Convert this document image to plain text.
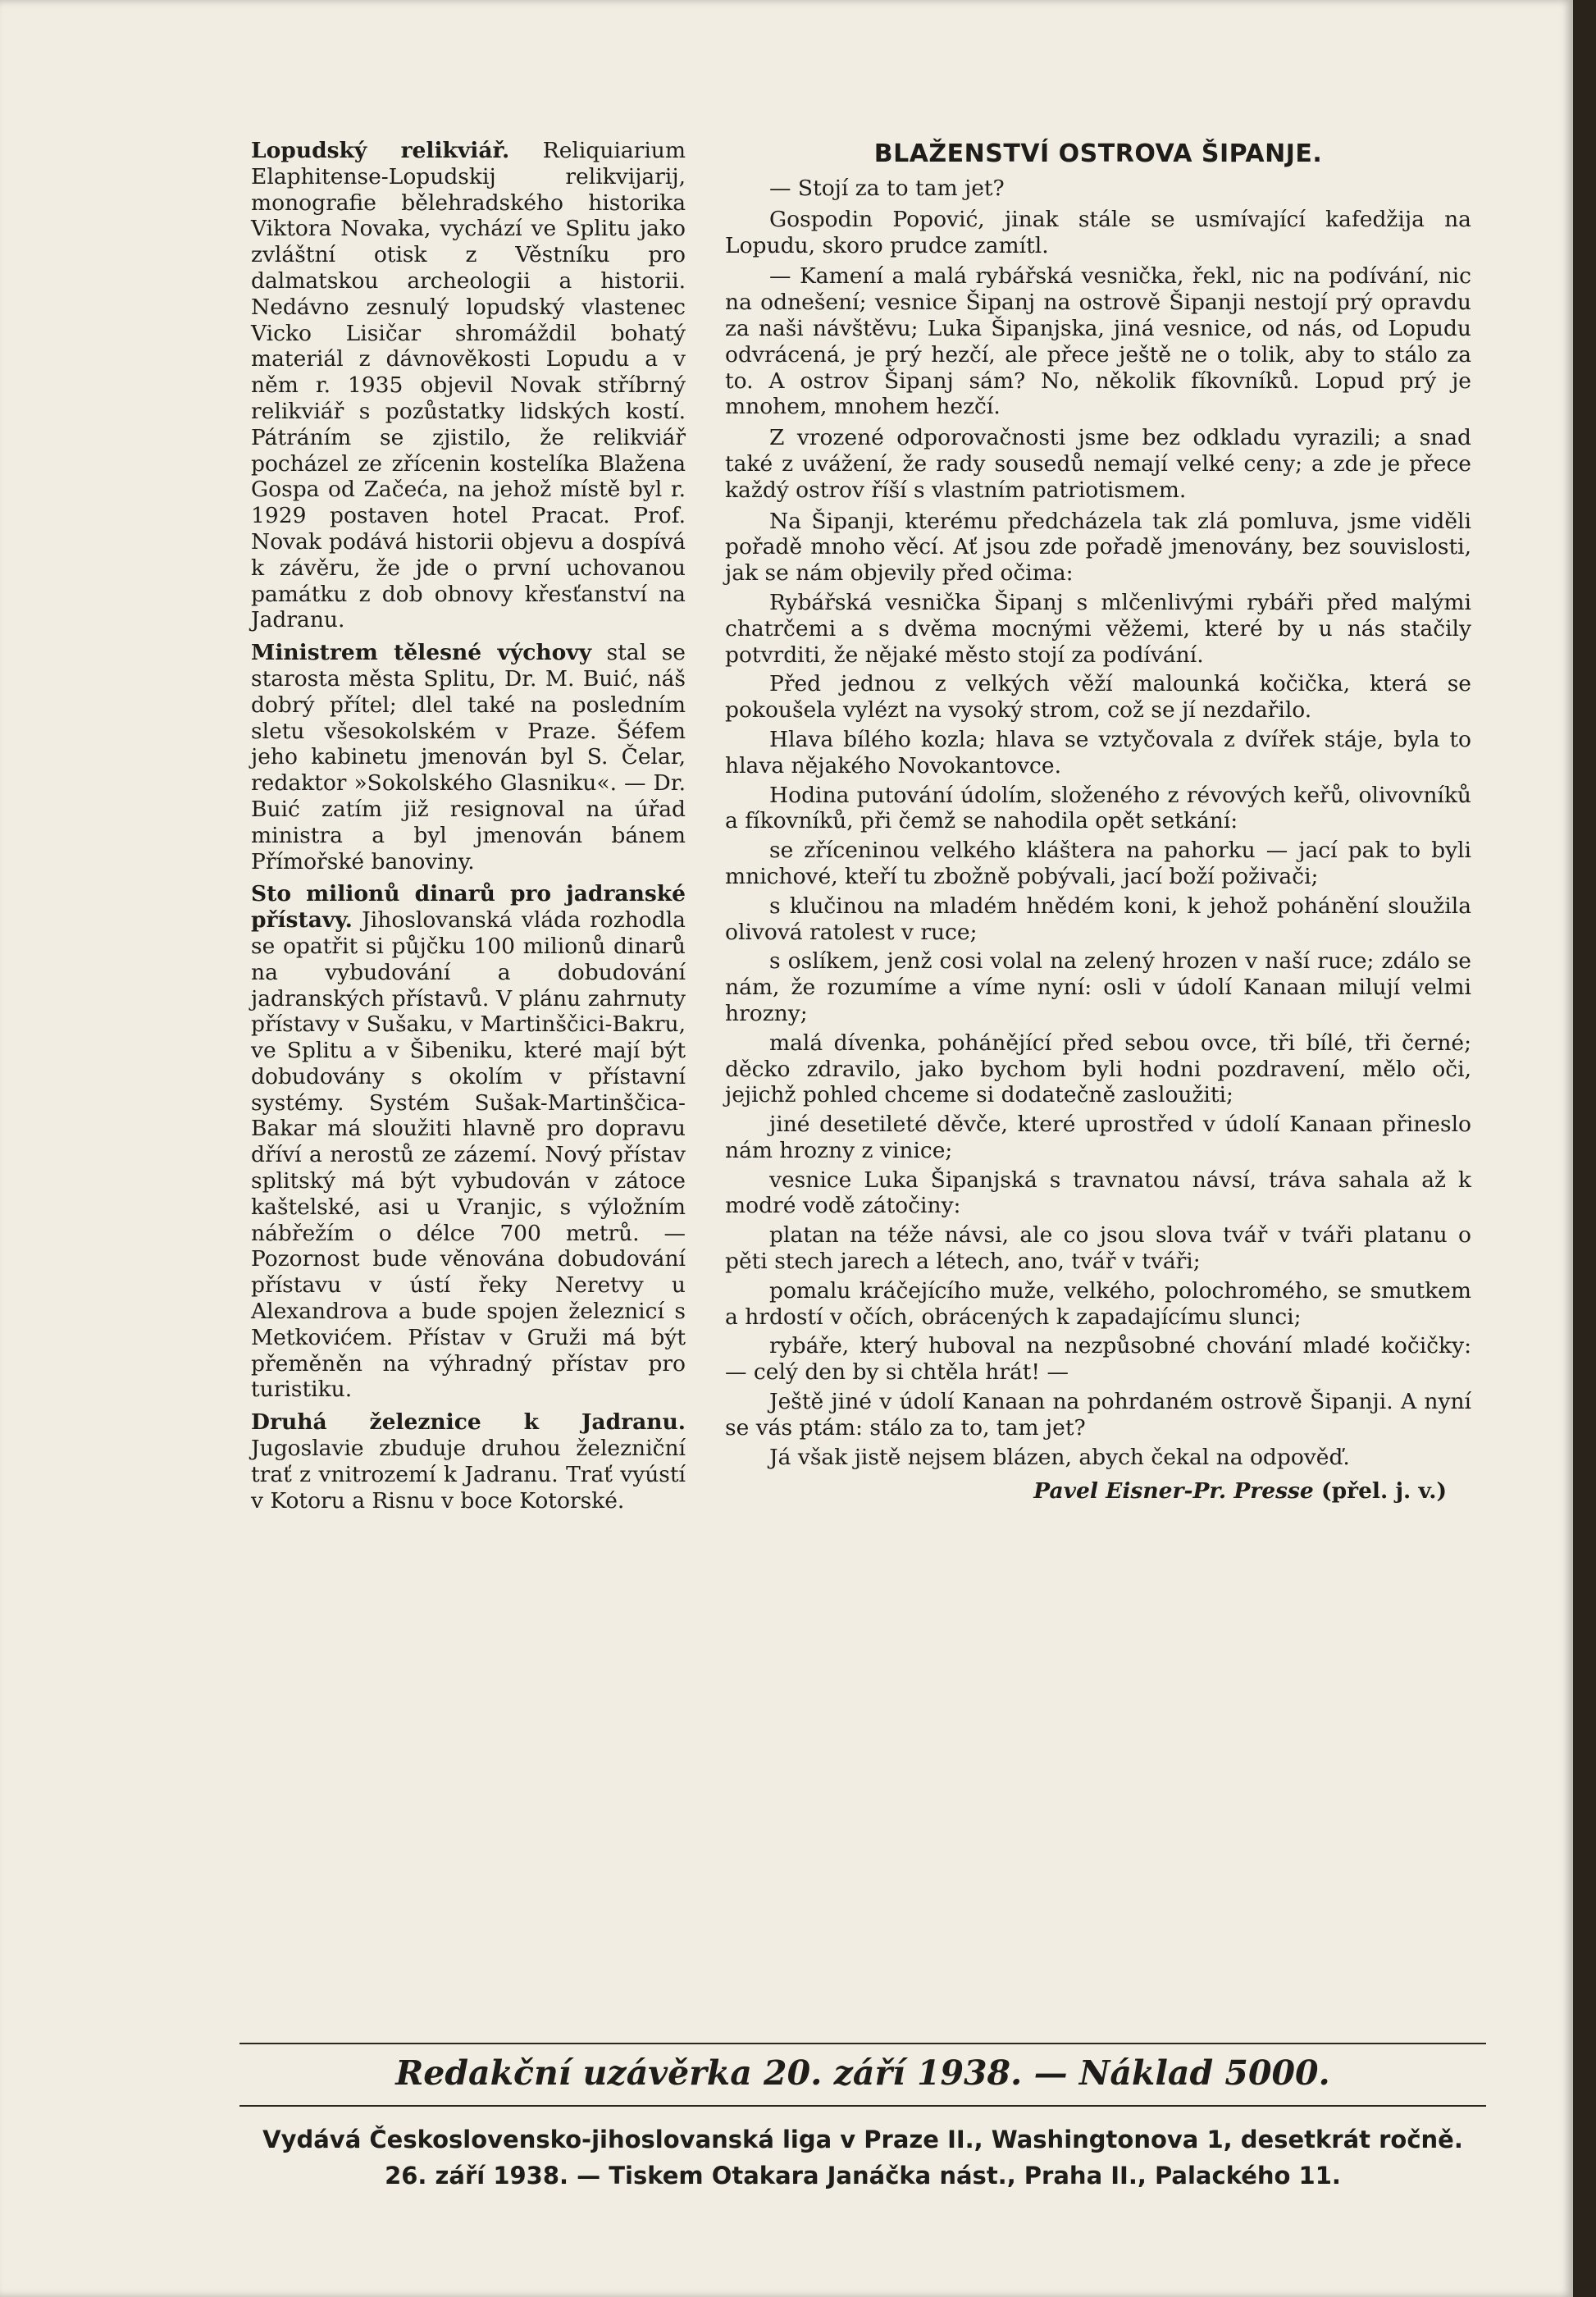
Lopudský relikviář. Reliquiarium Elaphitense-Lopudskij relikvijarij, monografie bělehradského historika Viktora Novaka, vychází ve Splitu jako zvláštní otisk z Věstníku pro dalmatskou archeologii a historii. Nedávno zesnulý lopudský vlastenec Vicko Lisičar shromáždil bohatý materiál z dávnověkosti Lopudu a v něm r. 1935 objevil Novak stříbrný relikviář s pozůstatky lidských kostí. Pátráním se zjistilo, že relikviář pocházel ze zřícenin kostelíka Blažena Gospa od Začeća, na jehož místě byl r. 1929 postaven hotel Pracat. Prof. Novak podává historii objevu a dospívá k závěru, že jde o první uchovanou památku z dob obnovy křesťanství na Jadranu.

Ministrem tělesné výchovy stal se starosta města Splitu, Dr. M. Buić, náš dobrý přítel; dlel také na posledním sletu všesokolském v Praze. Šéfem jeho kabinetu jmenován byl S. Čelar, redaktor »Sokolského Glasniku«. — Dr. Buić zatím již resignoval na úřad ministra a byl jmenován bánem Přímořské banoviny.

Sto milionů dinarů pro jadranské přístavy. Jihoslovanská vláda rozhodla se opatřit si půjčku 100 milionů dinarů na vybudování a dobudování jadranských přístavů. V plánu zahrnuty přístavy v Sušaku, v Martinščici-Bakru, ve Splitu a v Šibeniku, které mají být dobudovány s okolím v přístavní systémy. Systém Sušak-Martinščica-Bakar má sloužiti hlavně pro dopravu dříví a nerostů ze zázemí. Nový přístav splitský má být vybudován v zátoce kaštelské, asi u Vranjic, s výložním nábřežím o délce 700 metrů. — Pozornost bude věnována dobudování přístavu v ústí řeky Neretvy u Alexandrova a bude spojen železnicí s Metkovićem. Přístav v Gruži má být přeměněn na výhradný přístav pro turistiku.

Druhá železnice k Jadranu. Jugoslavie zbuduje druhou železniční trať z vnitrozemí k Jadranu. Trať vyústí v Kotoru a Risnu v boce Kotorské.

BLAŽENSTVÍ OSTROVA ŠIPANJE.

— Stojí za to tam jet?

Gospodin Popović, jinak stále se usmívající kafedžija na Lopudu, skoro prudce zamítl.

— Kamení a malá rybářská vesnička, řekl, nic na podívání, nic na odnešení; vesnice Šipanj na ostrově Šipanji nestojí prý opravdu za naši návštěvu; Luka Šipanjska, jiná vesnice, od nás, od Lopudu odvrácená, je prý hezčí, ale přece ještě ne o tolik, aby to stálo za to. A ostrov Šipanj sám? No, několik fíkovníků. Lopud prý je mnohem, mnohem hezčí.

Z vrozené odporovačnosti jsme bez odkladu vyrazili; a snad také z uvážení, že rady sousedů nemají velké ceny; a zde je přece každý ostrov říší s vlastním patriotismem.

Na Šipanji, kterému předcházela tak zlá pomluva, jsme viděli pořadě mnoho věcí. Ať jsou zde pořadě jmenovány, bez souvislosti, jak se nám objevily před očima:

Rybářská vesnička Šipanj s mlčenlivými rybáři před malými chatrčemi a s dvěma mocnými věžemi, které by u nás stačily potvrditi, že nějaké město stojí za podívání.

Před jednou z velkých věží malounká kočička, která se pokoušela vylézt na vysoký strom, což se jí nezdařilo.

Hlava bílého kozla; hlava se vztyčovala z dvířek stáje, byla to hlava nějakého Novokantovce.

Hodina putování údolím, složeného z révových keřů, olivovníků a fíkovníků, při čemž se nahodila opět setkání:

se zříceninou velkého kláštera na pahorku — jací pak to byli mnichové, kteří tu zbožně pobývali, jací boží poživači;

s klučinou na mladém hnědém koni, k jehož pohánění sloužila olivová ratolest v ruce;

s oslíkem, jenž cosi volal na zelený hrozen v naší ruce; zdálo se nám, že rozumíme a víme nyní: osli v údolí Kanaan milují velmi hrozny;

malá dívenka, pohánějící před sebou ovce, tři bílé, tři černé; děcko zdravilo, jako bychom byli hodni pozdravení, mělo oči, jejichž pohled chceme si dodatečně zasloužiti;

jiné desetileté děvče, které uprostřed v údolí Kanaan přineslo nám hrozny z vinice;

vesnice Luka Šipanjská s travnatou návsí, tráva sahala až k modré vodě zátočiny:

platan na téže návsi, ale co jsou slova tvář v tváři platanu o pěti stech jarech a létech, ano, tvář v tváři;

pomalu kráčejícího muže, velkého, polochromého, se smutkem a hrdostí v očích, obrácených k zapadajícímu slunci;

rybáře, který huboval na nezpůsobné chování mladé kočičky: — celý den by si chtěla hrát! —

Ještě jiné v údolí Kanaan na pohrdaném ostrově Šipanji. A nyní se vás ptám: stálo za to, tam jet?

Já však jistě nejsem blázen, abych čekal na odpověď.

Pavel Eisner-Pr. Presse (přel. j. v.)
Redakční uzávěrka 20. září 1938. — Náklad 5000.
Vydává Československo-jihoslovanská liga v Praze II., Washingtonova 1, desetkrát ročně.
26. září 1938. — Tiskem Otakara Janáčka nást., Praha II., Palackého 11.
